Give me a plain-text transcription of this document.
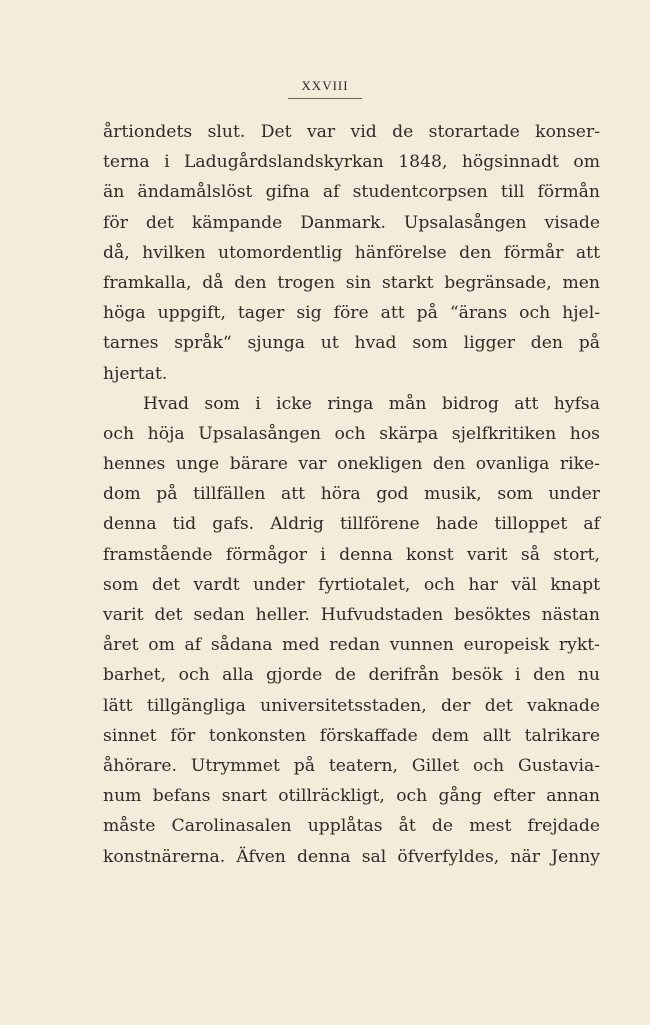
XXVIII
årtiondets slut. Det var vid de storartade konser-
terna i Ladugårdslandskyrkan 1848, högsinnadt om
än ändamålslöst gifna af studentcorpsen till förmån
för det kämpande Danmark. Upsalasången visade
då, hvilken utomordentlig hänförelse den förmår att
framkalla, då den trogen sin starkt begränsade, men
höga uppgift, tager sig före att på “ärans och hjel-
tarnes språk“ sjunga ut hvad som ligger den på
hjertat.
Hvad som i icke ringa mån bidrog att hyfsa
och höja Upsalasången och skärpa sjelfkritiken hos
hennes unge bärare var onekligen den ovanliga rike-
dom på tillfällen att höra god musik, som under
denna tid gafs. Aldrig tillförene hade tilloppet af
framstående förmågor i denna konst varit så stort,
som det vardt under fyrtiotalet, och har väl knapt
varit det sedan heller. Hufvudstaden besöktes nästan
året om af sådana med redan vunnen europeisk rykt-
barhet, och alla gjorde de derifrån besök i den nu
lätt tillgängliga universitetsstaden, der det vaknade
sinnet för tonkonsten förskaffade dem allt talrikare
åhörare. Utrymmet på teatern, Gillet och Gustavia-
num befans snart otillräckligt, och gång efter annan
måste Carolinasalen upplåtas åt de mest frejdade
konstnärerna. Äfven denna sal öfverfyldes, när Jenny
